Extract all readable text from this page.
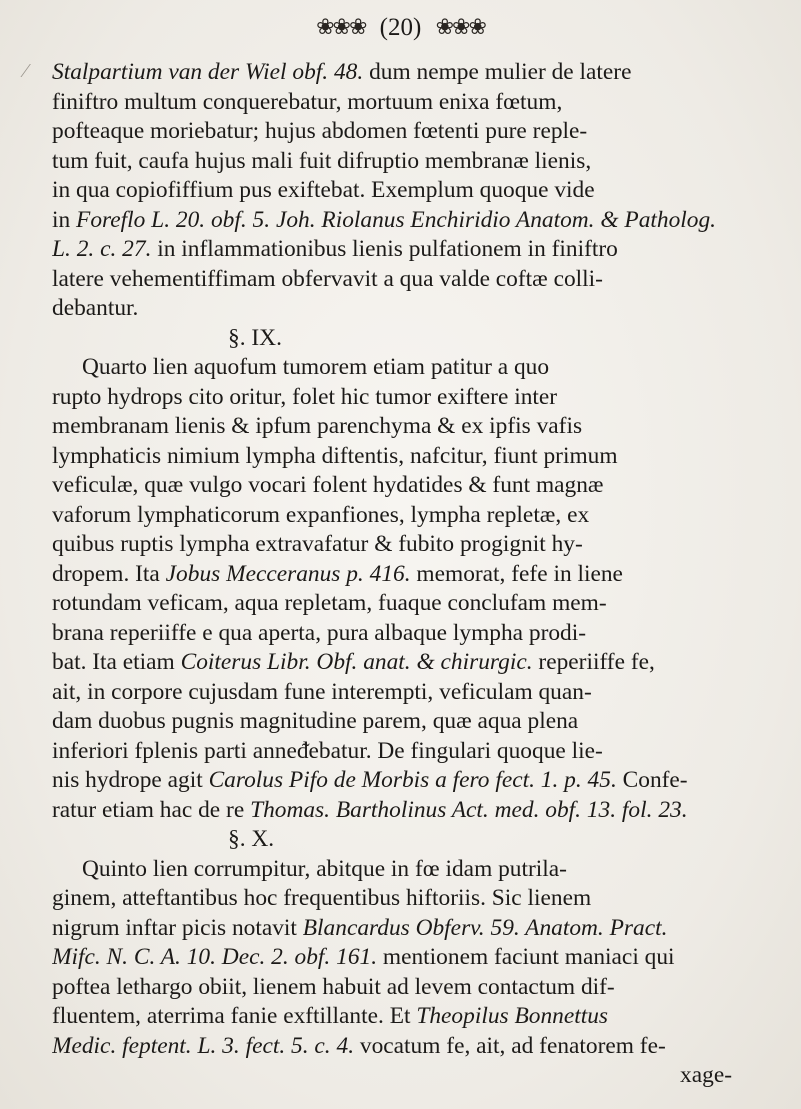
❀❀❀ (20) ❀❀❀
Stalpartium van der Wiel obf. 48. dum nempe mulier de latere
finiftro multum conquerebatur, mortuum enixa fœtum,
pofteaque moriebatur; hujus abdomen fœtenti pure reple-
tum fuit, caufa hujus mali fuit difruptio membranæ lienis,
in qua copiofiffium pus exiftebat. Exemplum quoque vide
in Foreflo L. 20. obf. 5. Joh. Riolanus Enchiridio Anatom. & Patholog.
L. 2. c. 27. in inflammationibus lienis pulfationem in finiftro
latere vehementiffimam obfervavit a qua valde coftæ colli-
debantur.
§. IX.
Quarto lien aquofum tumorem etiam patitur a quo
rupto hydrops cito oritur, folet hic tumor exiftere inter
membranam lienis & ipfum parenchyma & ex ipfis vafis
lymphaticis nimium lympha diftentis, nafcitur, fiunt primum
veficulæ, quæ vulgo vocari folent hydatides & funt magnæ
vaforum lymphaticorum expanfiones, lympha repletæ, ex
quibus ruptis lympha extravafatur & fubito progignit hy-
dropem. Ita Jobus Mecceranus p. 416. memorat, fefe in liene
rotundam veficam, aqua repletam, fuaque conclufam mem-
brana reperiiffe e qua aperta, pura albaque lympha prodi-
bat. Ita etiam Coiterus Libr. Obf. anat. & chirurgic. reperiiffe fe,
ait, in corpore cujusdam fune interempti, veficulam quan-
dam duobus pugnis magnitudine parem, quæ aqua plena
inferiori fplenis parti anneᵭebatur. De fingulari quoque lie-
nis hydrope agit Carolus Pifo de Morbis a fero fect. 1. p. 45. Confe-
ratur etiam hac de re Thomas. Bartholinus Act. med. obf. 13. fol. 23.
§. X.
Quinto lien corrumpitur, abitque in fœ idam putrila-
ginem, atteftantibus hoc frequentibus hiftoriis. Sic lienem
nigrum inftar picis notavit Blancardus Obferv. 59. Anatom. Pract.
Mifc. N. C. A. 10. Dec. 2. obf. 161. mentionem faciunt maniaci qui
poftea lethargo obiit, lienem habuit ad levem contactum dif-
fluentem, aterrima fanie exftillante. Et Theopilus Bonnettus
Medic. feptent. L. 3. fect. 5. c. 4. vocatum fe, ait, ad fenatorem fe-
xage-
⁄
